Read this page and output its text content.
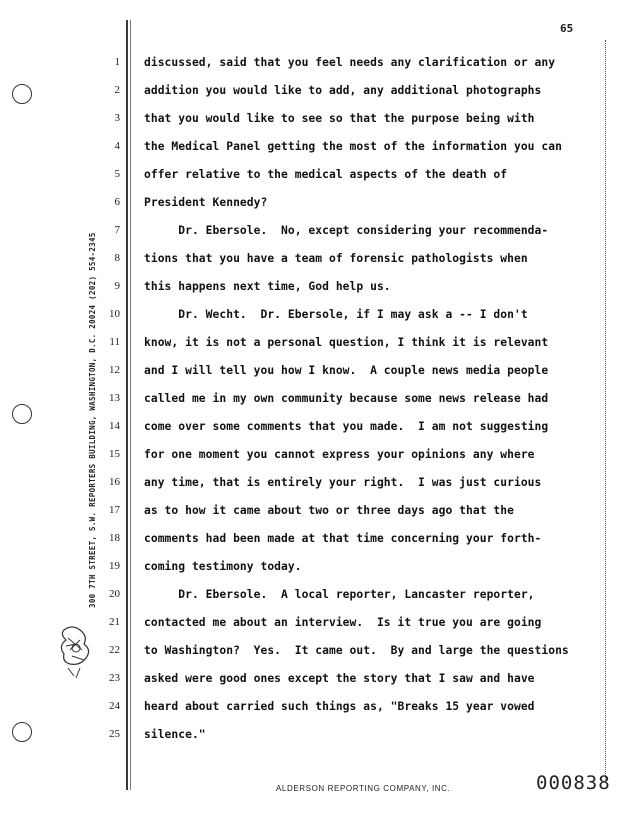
300 7TH STREET, S.W. REPORTERS BUILDING, WASHINGTON, D.C. 20024 (202) 554-2345
65
1
2
3
4
5
6
7
8
9
10
11
12
13
14
15
16
17
18
19
20
21
22
23
24
25
discussed, said that you feel needs any clarification or any
addition you would like to add, any additional photographs
that you would like to see so that the purpose being with
the Medical Panel getting the most of the information you can
offer relative to the medical aspects of the death of
President Kennedy?
Dr. Ebersole.  No, except considering your recommenda-
tions that you have a team of forensic pathologists when
this happens next time, God help us.
Dr. Wecht.  Dr. Ebersole, if I may ask a -- I don't
know, it is not a personal question, I think it is relevant
and I will tell you how I know.  A couple news media people
called me in my own community because some news release had
come over some comments that you made.  I am not suggesting
for one moment you cannot express your opinions any where
any time, that is entirely your right.  I was just curious
as to how it came about two or three days ago that the
comments had been made at that time concerning your forth-
coming testimony today.
Dr. Ebersole.  A local reporter, Lancaster reporter,
contacted me about an interview.  Is it true you are going
to Washington?  Yes.  It came out.  By and large the questions
asked were good ones except the story that I saw and have
heard about carried such things as, "Breaks 15 year vowed
silence."
ALDERSON REPORTING COMPANY, INC.	000838
